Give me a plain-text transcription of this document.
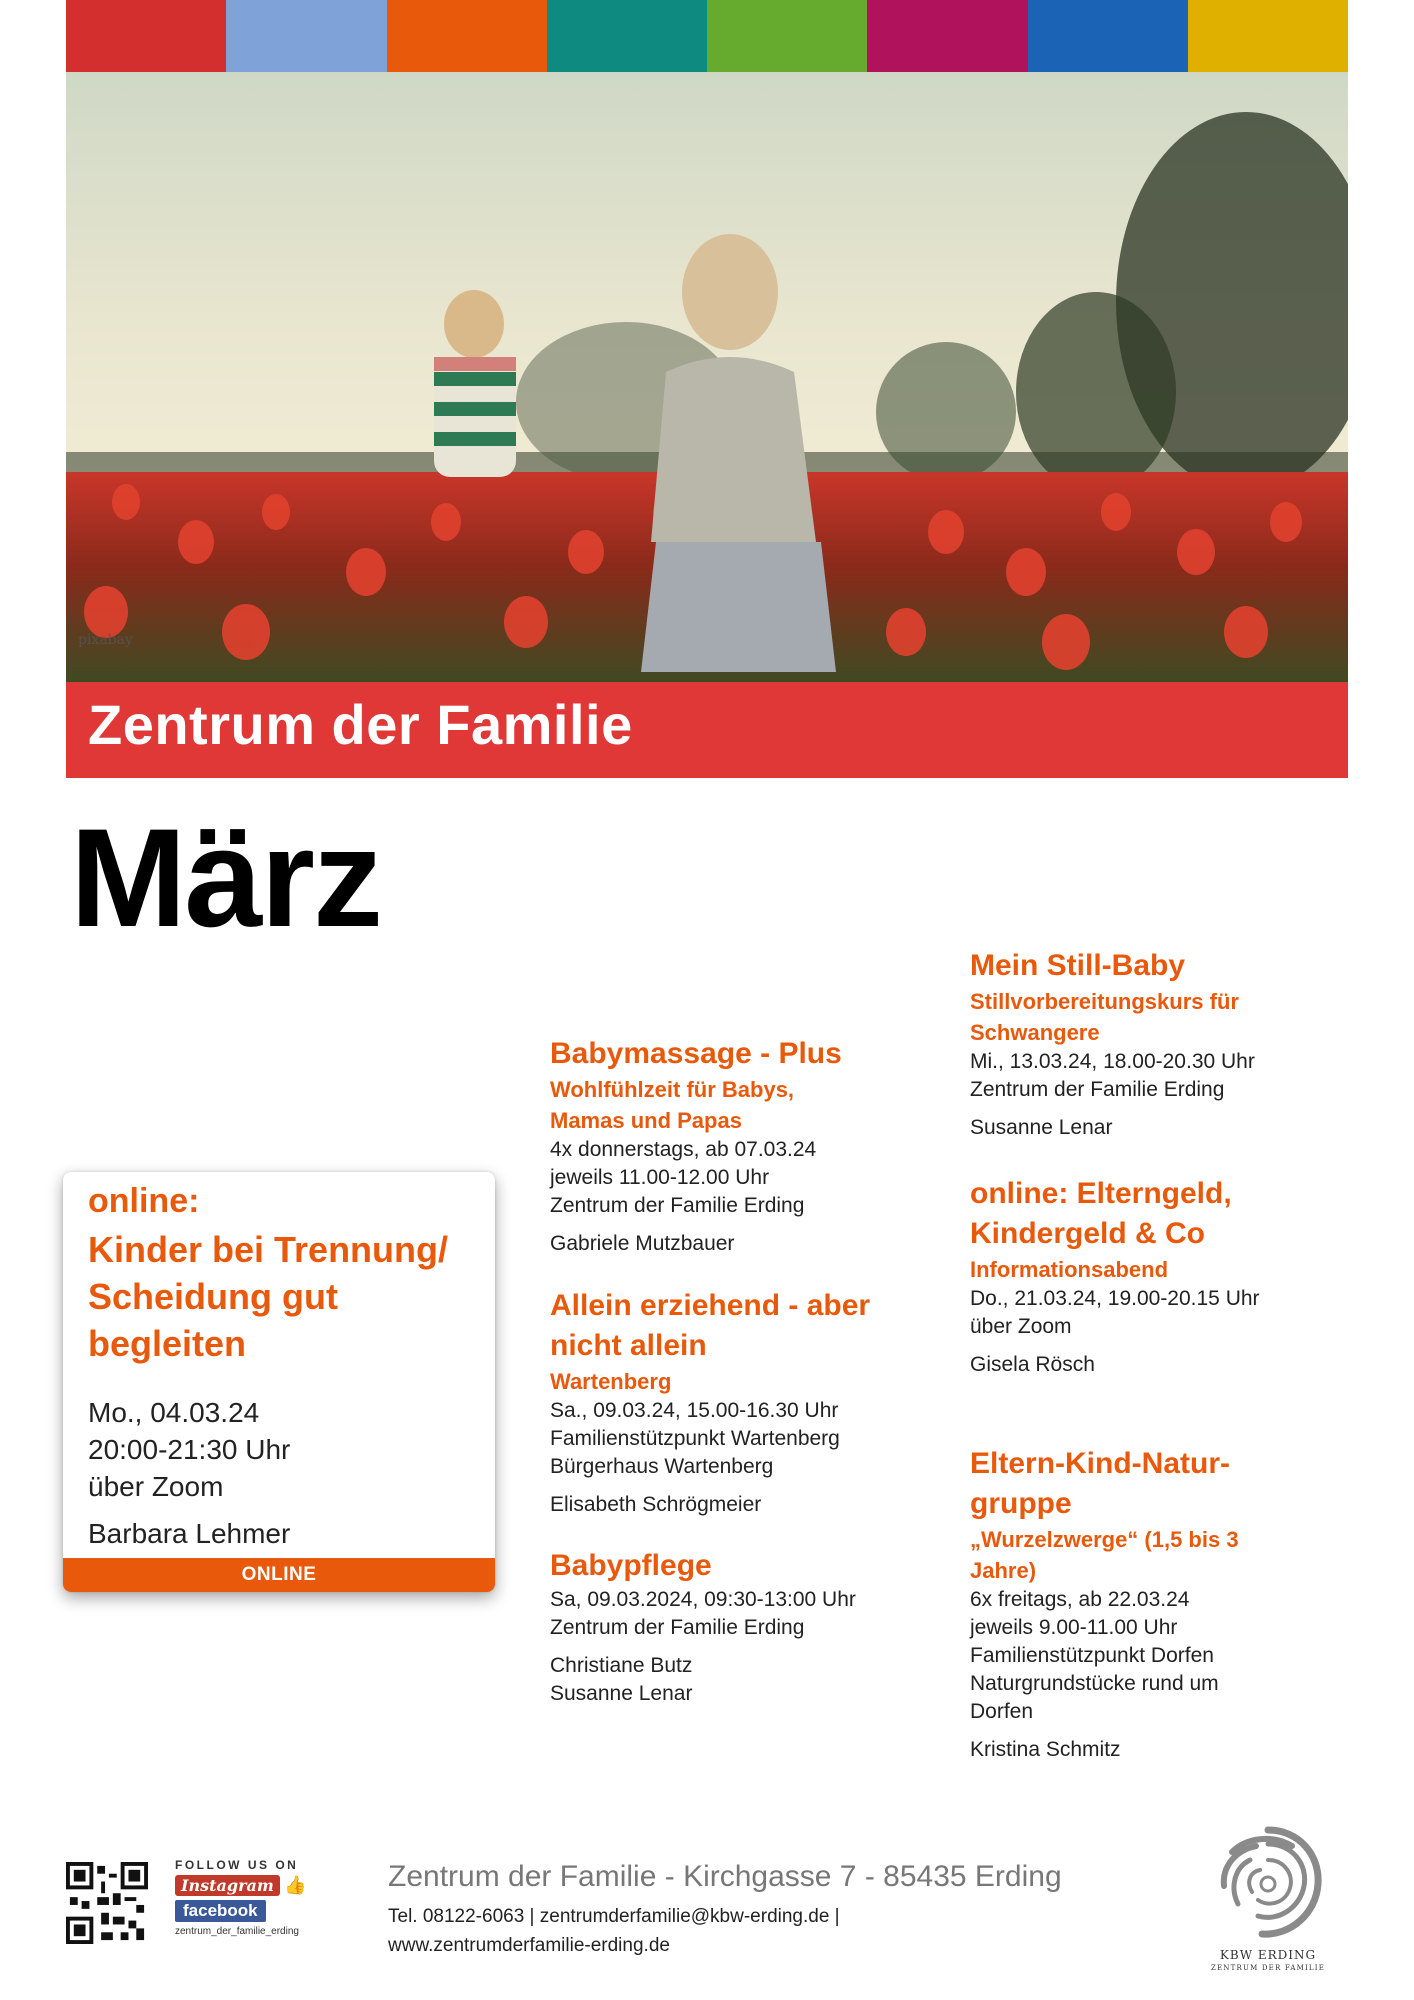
pixabay
Zentrum der Familie
März
online:
Kinder bei Trennung/ Scheidung gut begleiten
Mo., 04.03.24
20:00-21:30 Uhr
über Zoom
Barbara Lehmer
ONLINE
Babymassage - Plus
Wohlfühlzeit für Babys, Mamas und Papas
4x donnerstags, ab 07.03.24
jeweils 11.00-12.00 Uhr
Zentrum der Familie Erding
Gabriele Mutzbauer
Allein erziehend - aber nicht allein
Wartenberg
Sa., 09.03.24, 15.00-16.30 Uhr
Familienstützpunkt Wartenberg
Bürgerhaus Wartenberg
Elisabeth Schrögmeier
Babypflege
Sa, 09.03.2024, 09:30-13:00 Uhr
Zentrum der Familie Erding
Christiane Butz
Susanne Lenar
Mein Still-Baby
Stillvorbereitungskurs für Schwangere
Mi., 13.03.24, 18.00-20.30 Uhr
Zentrum der Familie Erding
Susanne Lenar
online: Elterngeld, Kindergeld & Co
Informationsabend
Do., 21.03.24, 19.00-20.15 Uhr
über Zoom
Gisela Rösch
Eltern-Kind-Natur-gruppe
„Wurzelzwerge“ (1,5 bis 3 Jahre)
6x freitags, ab 22.03.24
jeweils 9.00-11.00 Uhr
Familienstützpunkt Dorfen
Naturgrundstücke rund um Dorfen
Kristina Schmitz
FOLLOW US ON
Instagram 👍
facebook
zentrum_der_familie_erding
Zentrum der Familie - Kirchgasse 7 - 85435 Erding
Tel. 08122-6063 | zentrumderfamilie@kbw-erding.de |
www.zentrumderfamilie-erding.de	KBW ERDING
ZENTRUM DER FAMILIE
